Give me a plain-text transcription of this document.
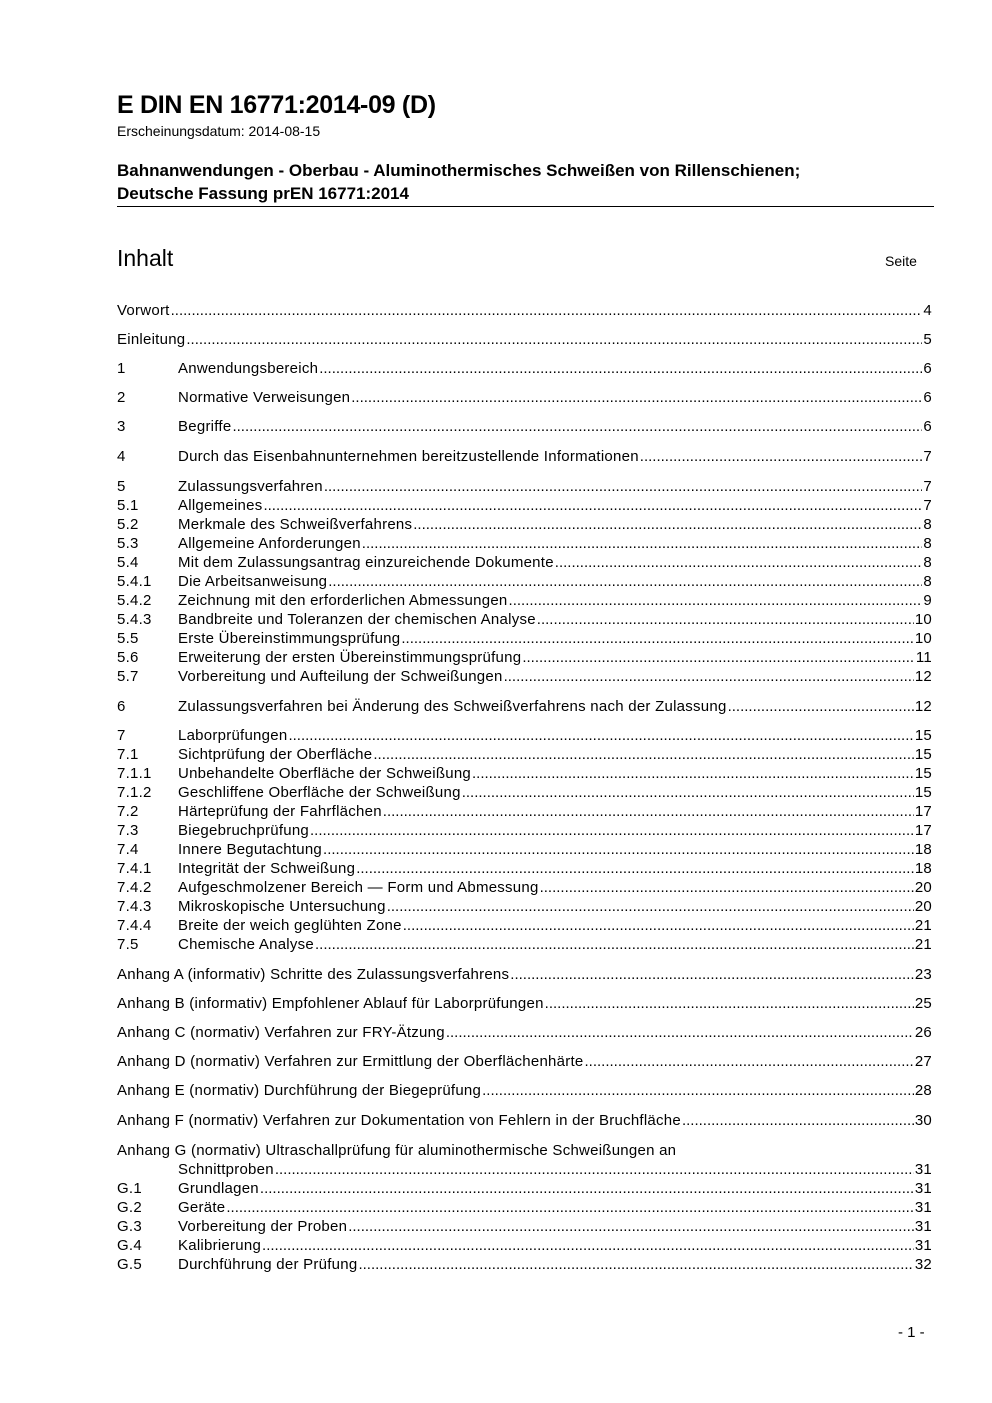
E DIN EN 16771:2014-09 (D)
Erscheinungsdatum: 2014-08-15
Bahnanwendungen - Oberbau - Aluminothermisches Schweißen von Rillenschienen;
Deutsche Fassung prEN 16771:2014
Inhalt	Seite
Vorwort .....	4
Einleitung .....	5
1	Anwendungsbereich .....	6
2	Normative Verweisungen .....	6
3	Begriffe .....	6
4	Durch das Eisenbahnunternehmen bereitzustellende Informationen .....	7
5	Zulassungsverfahren .....	7
5.1	Allgemeines .....	7
5.2	Merkmale des Schweißverfahrens .....	8
5.3	Allgemeine Anforderungen .....	8
5.4	Mit dem Zulassungsantrag einzureichende Dokumente .....	8
5.4.1	Die Arbeitsanweisung .....	8
5.4.2	Zeichnung mit den erforderlichen Abmessungen .....	9
5.4.3	Bandbreite und Toleranzen der chemischen Analyse .....	10
5.5	Erste Übereinstimmungsprüfung .....	10
5.6	Erweiterung der ersten Übereinstimmungsprüfung .....	11
5.7	Vorbereitung und Aufteilung der Schweißungen .....	12
6	Zulassungsverfahren bei Änderung des Schweißverfahrens nach der Zulassung .....	12
7	Laborprüfungen .....	15
7.1	Sichtprüfung der Oberfläche .....	15
7.1.1	Unbehandelte Oberfläche der Schweißung .....	15
7.1.2	Geschliffene Oberfläche der Schweißung .....	15
7.2	Härteprüfung der Fahrflächen .....	17
7.3	Biegebruchprüfung .....	17
7.4	Innere Begutachtung .....	18
7.4.1	Integrität der Schweißung .....	18
7.4.2	Aufgeschmolzener Bereich — Form und Abmessung .....	20
7.4.3	Mikroskopische Untersuchung .....	20
7.4.4	Breite der weich geglühten Zone .....	21
7.5	Chemische Analyse .....	21
Anhang A (informativ) Schritte des Zulassungsverfahrens .....	23
Anhang B (informativ) Empfohlener Ablauf für Laborprüfungen .....	25
Anhang C (normativ) Verfahren zur FRY-Ätzung .....	26
Anhang D (normativ) Verfahren zur Ermittlung der Oberflächenhärte .....	27
Anhang E (normativ) Durchführung der Biegeprüfung .....	28
Anhang F (normativ) Verfahren zur Dokumentation von Fehlern in der Bruchfläche .....	30
Anhang G (normativ) Ultraschallprüfung für aluminothermische Schweißungen an
Schnittproben .....	31
G.1	Grundlagen .....	31
G.2	Geräte .....	31
G.3	Vorbereitung der Proben .....	31
G.4	Kalibrierung .....	31
G.5	Durchführung der Prüfung .....	32
- 1 -
